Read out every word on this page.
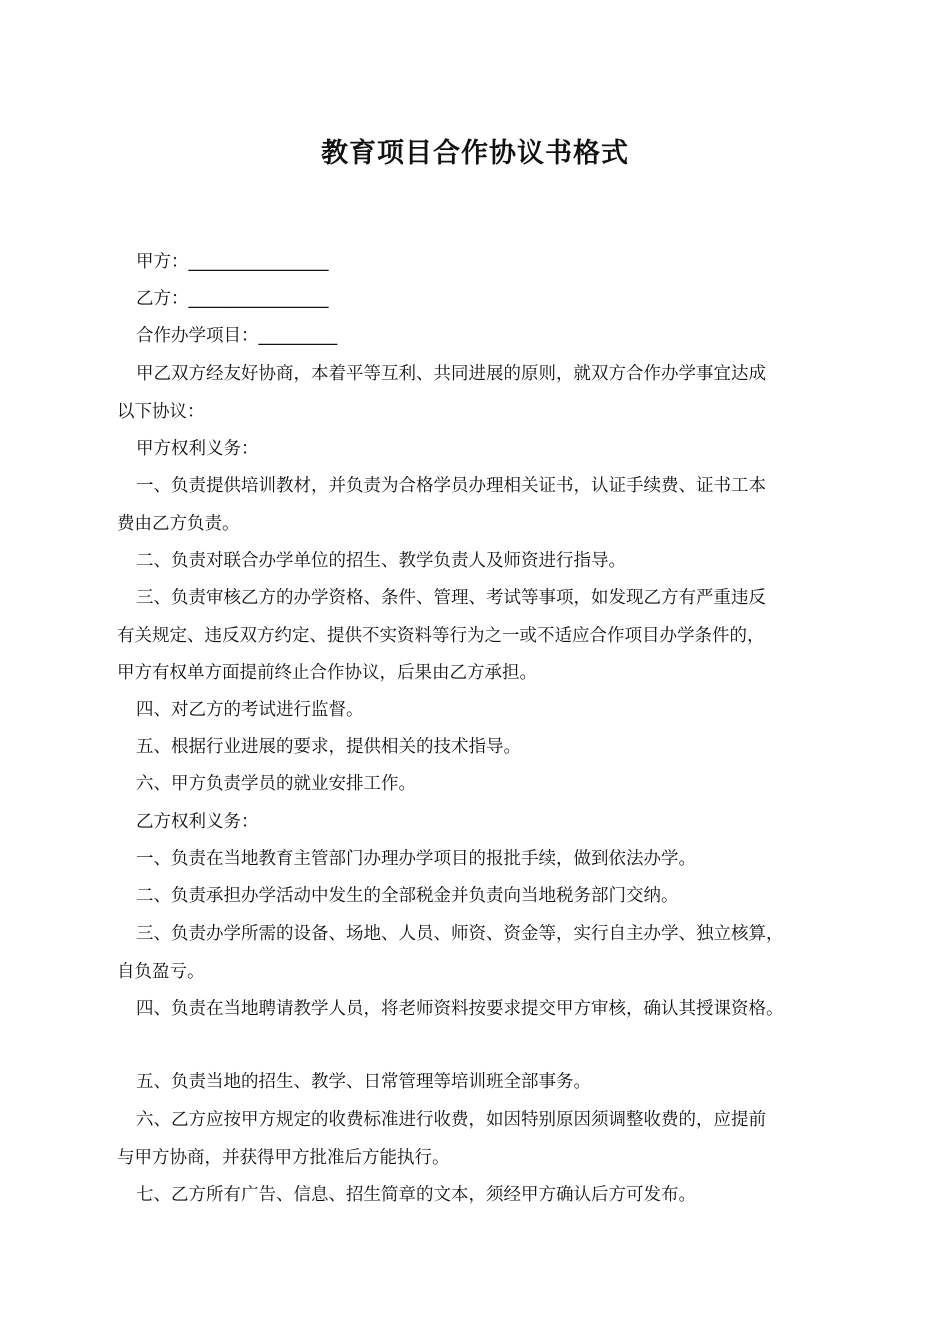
教育项目合作协议书格式
甲方：________________
乙方：________________
合作办学项目：_________
甲乙双方经友好协商，本着平等互利、共同进展的原则，就双方合作办学事宜达成
以下协议：
甲方权利义务：
一、负责提供培训教材，并负责为合格学员办理相关证书，认证手续费、证书工本
费由乙方负责。
二、负责对联合办学单位的招生、教学负责人及师资进行指导。
三、负责审核乙方的办学资格、条件、管理、考试等事项，如发现乙方有严重违反
有关规定、违反双方约定、提供不实资料等行为之一或不适应合作项目办学条件的，
甲方有权单方面提前终止合作协议，后果由乙方承担。
四、对乙方的考试进行监督。
五、根据行业进展的要求，提供相关的技术指导。
六、甲方负责学员的就业安排工作。
乙方权利义务：
一、负责在当地教育主管部门办理办学项目的报批手续，做到依法办学。
二、负责承担办学活动中发生的全部税金并负责向当地税务部门交纳。
三、负责办学所需的设备、场地、人员、师资、资金等，实行自主办学、独立核算，
自负盈亏。
四、负责在当地聘请教学人员，将老师资料按要求提交甲方审核，确认其授课资格。
五、负责当地的招生、教学、日常管理等培训班全部事务。
六、乙方应按甲方规定的收费标准进行收费，如因特别原因须调整收费的，应提前
与甲方协商，并获得甲方批准后方能执行。
七、乙方所有广告、信息、招生简章的文本，须经甲方确认后方可发布。
